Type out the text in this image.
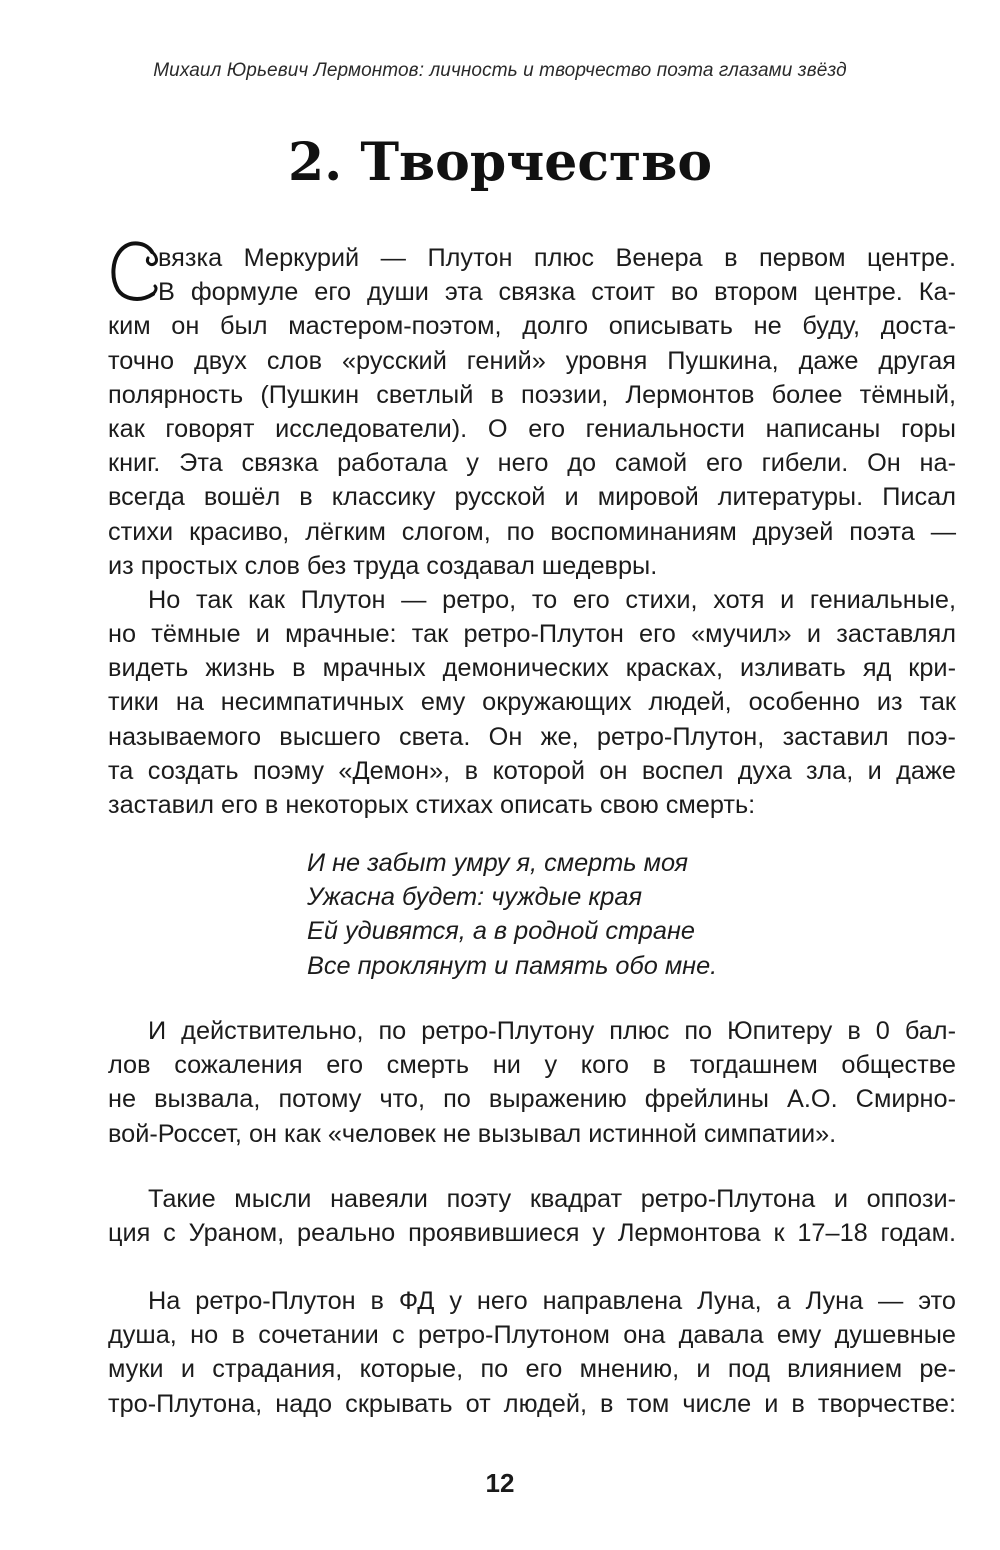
Михаил Юрьевич Лермонтов: личность и творчество поэта глазами звёзд
2. Творчество
вязка Меркурий — Плутон плюс Венера в первом центре.
В формуле его души эта связка стоит во втором центре. Ка-
ким он был мастером-поэтом, долго описывать не буду, доста-
точно двух слов «русский гений» уровня Пушкина, даже другая
полярность (Пушкин светлый в поэзии, Лермонтов более тёмный,
как говорят исследователи). О его гениальности написаны горы
книг. Эта связка работала у него до самой его гибели. Он на-
всегда вошёл в классику русской и мировой литературы. Писал
стихи красиво, лёгким слогом, по воспоминаниям друзей поэта —
из простых слов без труда создавал шедевры.
Но так как Плутон — ретро, то его стихи, хотя и гениальные,
но тёмные и мрачные: так ретро-Плутон его «мучил» и заставлял
видеть жизнь в мрачных демонических красках, изливать яд кри-
тики на несимпатичных ему окружающих людей, особенно из так
называемого высшего света. Он же, ретро-Плутон, заставил поэ-
та создать поэму «Демон», в которой он воспел духа зла, и даже
заставил его в некоторых стихах описать свою смерть:
И не забыт умру я, смерть моя
Ужасна будет: чуждые края
Ей удивятся, а в родной стране
Все проклянут и память обо мне.
И действительно, по ретро-Плутону плюс по Юпитеру в 0 бал-
лов сожаления его смерть ни у кого в тогдашнем обществе
не вызвала, потому что, по выражению фрейлины А.О. Смирно-
вой-Россет, он как «человек не вызывал истинной симпатии».
Такие мысли навеяли поэту квадрат ретро-Плутона и оппози-
ция с Ураном, реально проявившиеся у Лермонтова к 17–18 годам.
На ретро-Плутон в ФД у него направлена Луна, а Луна — это
душа, но в сочетании с ретро-Плутоном она давала ему душевные
муки и страдания, которые, по его мнению, и под влиянием ре-
тро-Плутона, надо скрывать от людей, в том числе и в творчестве:
12
